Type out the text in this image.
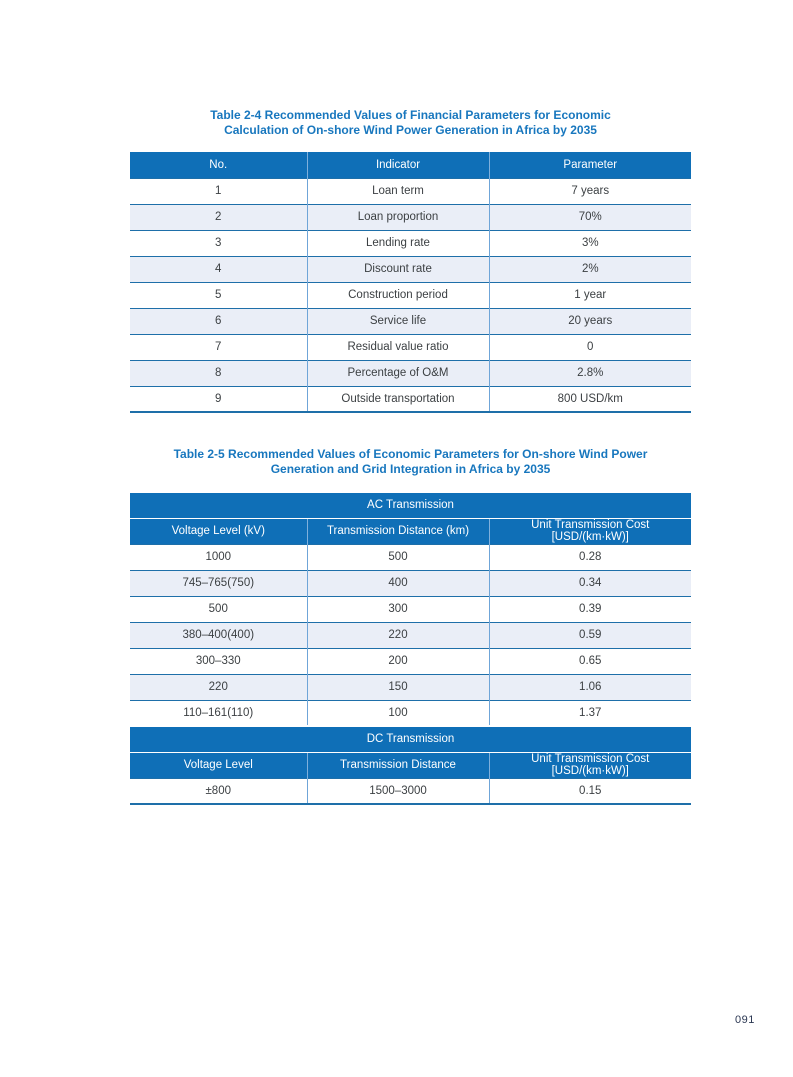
Table 2-4 Recommended Values of Financial Parameters for Economic
Calculation of On-shore Wind Power Generation in Africa by 2035
No.	Indicator	Parameter
1	Loan term	7 years
2	Loan proportion	70%
3	Lending rate	3%
4	Discount rate	2%
5	Construction period	1 year
6	Service life	20 years
7	Residual value ratio	0
8	Percentage of O&M	2.8%
9	Outside transportation	800 USD/km
Table 2-5 Recommended Values of Economic Parameters for On-shore Wind Power
Generation and Grid Integration in Africa by 2035
AC Transmission		
Voltage Level (kV)	Transmission Distance (km)	Unit Transmission Cost [USD/(km·kW)]
1000	500	0.28
745–765(750)	400	0.34
500	300	0.39
380–400(400)	220	0.59
300–330	200	0.65
220	150	1.06
110–161(110)	100	1.37
DC Transmission		
Voltage Level	Transmission Distance	Unit Transmission Cost [USD/(km·kW)]
±800	1500–3000	0.15
091
